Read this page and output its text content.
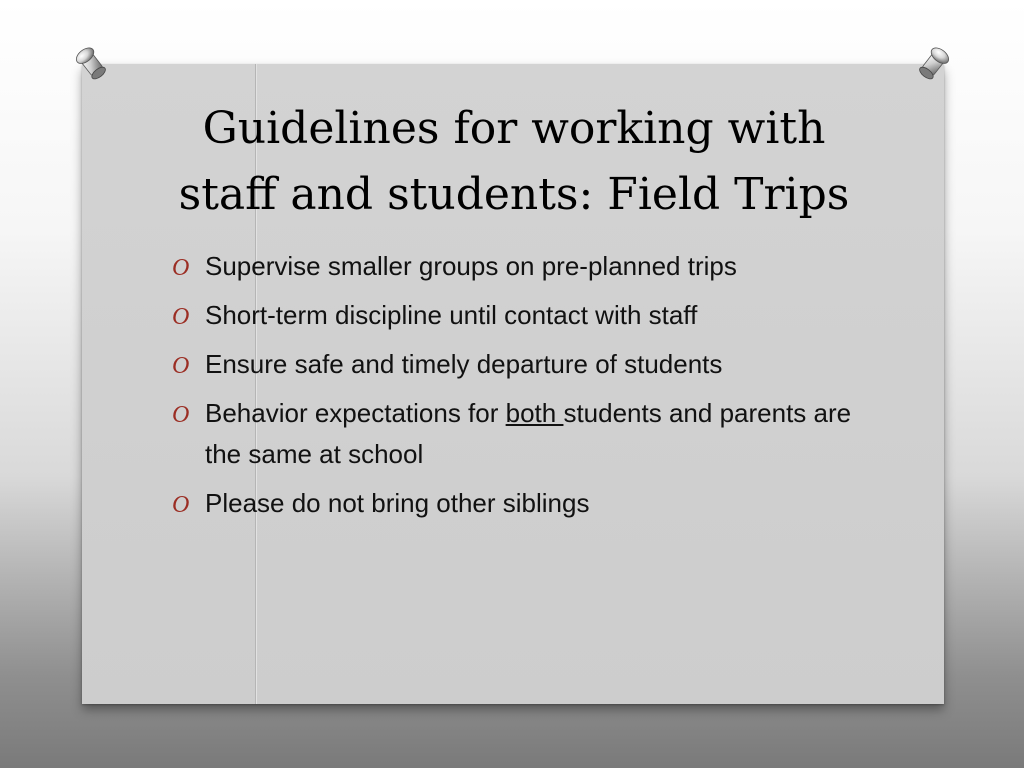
Guidelines for working with
staff and students: Field Trips
O Supervise smaller groups on pre-planned trips
O Short-term discipline until contact with staff
O Ensure safe and timely departure of students
O Behavior expectations for both students and parents are the same at school
O Please do not bring other siblings
